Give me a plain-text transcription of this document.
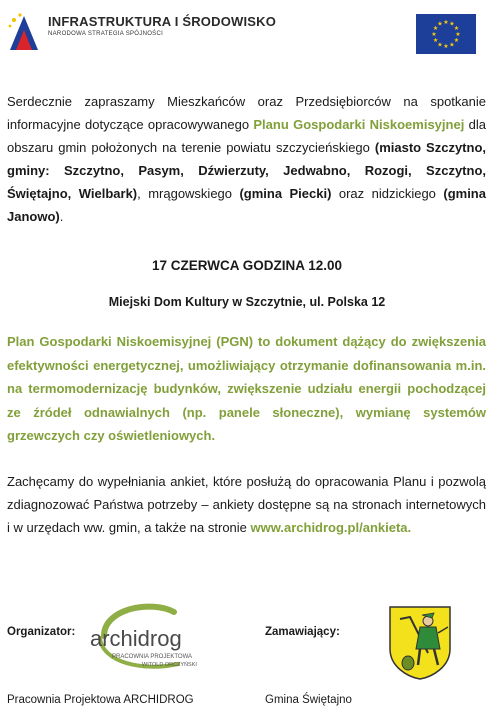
INFRASTRUKTURA I ŚRODOWISKO
NARODOWA STRATEGIA SPÓJNOŚCI	★
★
★
★
★
★
★
★
★ ★ ★
★
Serdecznie zapraszamy Mieszkańców oraz Przedsiębiorców na spotkanie informacyjne dotyczące opracowywanego Planu Gospodarki Niskoemisyjnej dla obszaru gmin położonych na terenie powiatu szczycieńskiego (miasto Szczytno, gminy: Szczytno, Pasym, Dźwierzuty, Jedwabno, Rozogi, Szczytno, Świętajno, Wielbark), mrągowskiego (gmina Piecki) oraz nidzickiego (gmina Janowo).
17 CZERWCA GODZINA 12.00
Miejski Dom Kultury w Szczytnie, ul. Polska 12
Plan Gospodarki Niskoemisyjnej (PGN) to dokument dążący do zwiększenia efektywności energetycznej, umożliwiający otrzymanie dofinansowania m.in. na termomodernizację budynków, zwiększenie udziału energii pochodzącej ze źródeł odnawialnych (np. panele słoneczne), wymianę systemów grzewczych czy oświetleniowych.
Zachęcamy do wypełniania ankiet, które posłużą do opracowania Planu i pozwolą zdiagnozować Państwa potrzeby – ankiety dostępne są na stronach internetowych i w urzędach ww. gmin, a także na stronie www.archidrog.pl/ankieta.
Organizator: archidrog
PRACOWNIA PROJEKTOWA
WITOLD ORCZYŃSKI
Zamawiający:
Pracownia Projektowa ARCHIDROG	Gmina Świętajno
